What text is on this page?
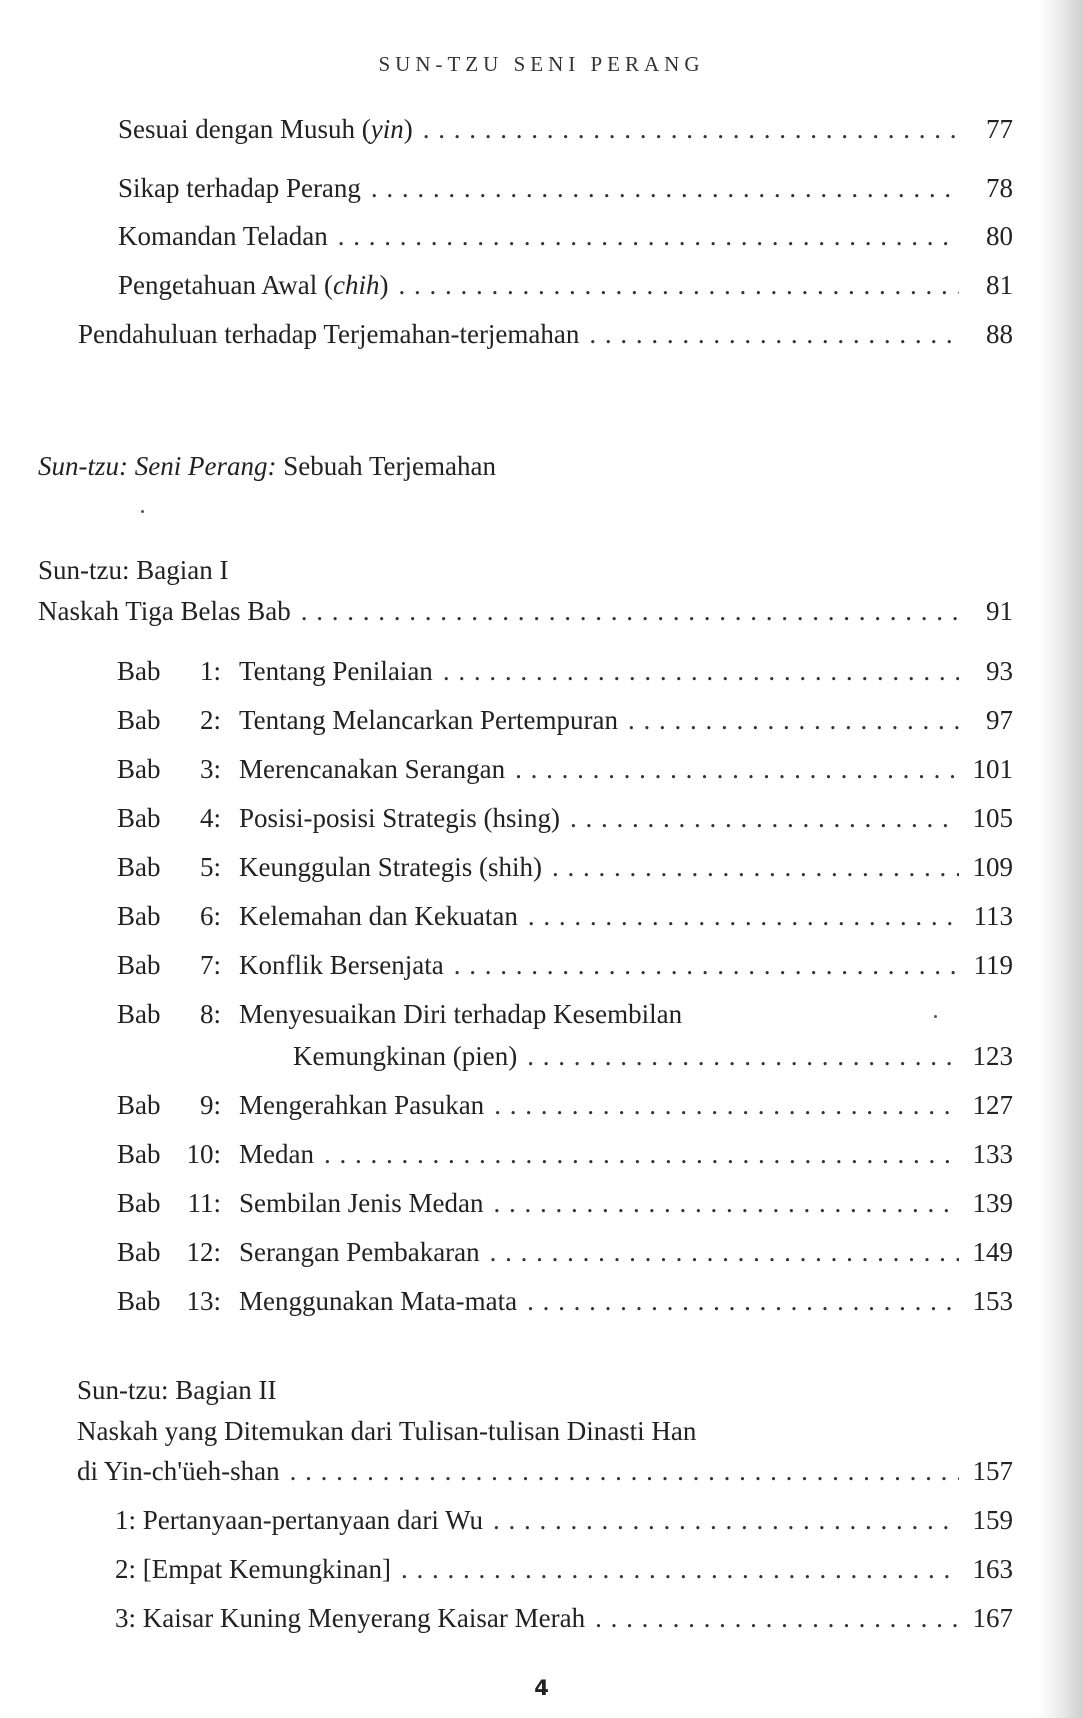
SUN-TZU SENI PERANG
Sesuai dengan Musuh (yin) . . .	77
Sikap terhadap Perang . . .	78
Komandan Teladan . . .	80
Pengetahuan Awal (chih) . . .	81
Pendahuluan terhadap Terjemahan-terjemahan . . .	88
Sun-tzu: Seni Perang: Sebuah Terjemahan
Sun-tzu: Bagian I
Naskah Tiga Belas Bab . . .	91
Bab	1: Tentang Penilaian . . .	93
Bab	2: Tentang Melancarkan Pertempuran . . .	97
Bab	3: Merencanakan Serangan . . .	101
Bab	4: Posisi-posisi Strategis (hsing) . . .	105
Bab	5: Keunggulan Strategis (shih) . . .	109
Bab	6: Kelemahan dan Kekuatan . . .	113
Bab	7: Konflik Bersenjata . . .	119
Bab	8: Menyesuaikan Diri terhadap Kesembilan
Kemungkinan (pien) . . .	123
Bab	9: Mengerahkan Pasukan . . .	127
Bab 10: Medan . . .	133
Bab 11: Sembilan Jenis Medan . . .	139
Bab 12: Serangan Pembakaran . . .	149
Bab 13: Menggunakan Mata-mata . . .	153
Sun-tzu: Bagian II
Naskah yang Ditemukan dari Tulisan-tulisan Dinasti Han
di Yin-ch'üeh-shan . . .	157
1: Pertanyaan-pertanyaan dari Wu . . .	159
2: [Empat Kemungkinan] . . .	163
3: Kaisar Kuning Menyerang Kaisar Merah . . .	167
4
